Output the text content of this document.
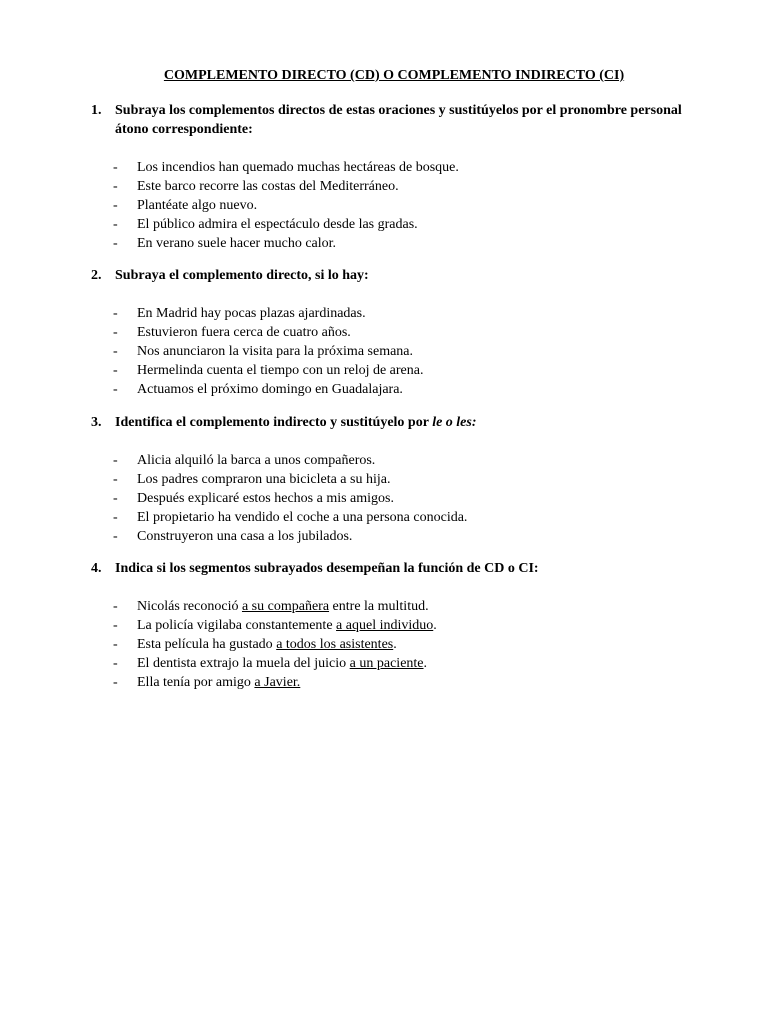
COMPLEMENTO DIRECTO (CD) O COMPLEMENTO INDIRECTO (CI)
1. Subraya los complementos directos de estas oraciones y sustitúyelos por el pronombre personal átono correspondiente:
-	Los incendios han quemado muchas hectáreas de bosque.
-	Este barco recorre las costas del Mediterráneo.
-	Plantéate algo nuevo.
-	El público admira el espectáculo desde las gradas.
-	En verano suele hacer mucho calor.
2. Subraya el complemento directo, si lo hay:
-	En Madrid hay pocas plazas ajardinadas.
-	Estuvieron fuera cerca de cuatro años.
-	Nos anunciaron la visita para la próxima semana.
-	Hermelinda cuenta el tiempo con un reloj de arena.
-	Actuamos el próximo domingo en Guadalajara.
3. Identifica el complemento indirecto y sustitúyelo por le o les:
-	Alicia alquiló la barca a unos compañeros.
-	Los padres compraron una bicicleta a su hija.
-	Después explicaré estos hechos a mis amigos.
-	El propietario ha vendido el coche a una persona conocida.
-	Construyeron una casa a los jubilados.
4. Indica si los segmentos subrayados desempeñan la función de CD o CI:
-	Nicolás reconoció a su compañera entre la multitud.
-	La policía vigilaba constantemente a aquel individuo.
-	Esta película ha gustado a todos los asistentes.
-	El dentista extrajo la muela del juicio a un paciente.
-	Ella tenía por amigo a Javier.
